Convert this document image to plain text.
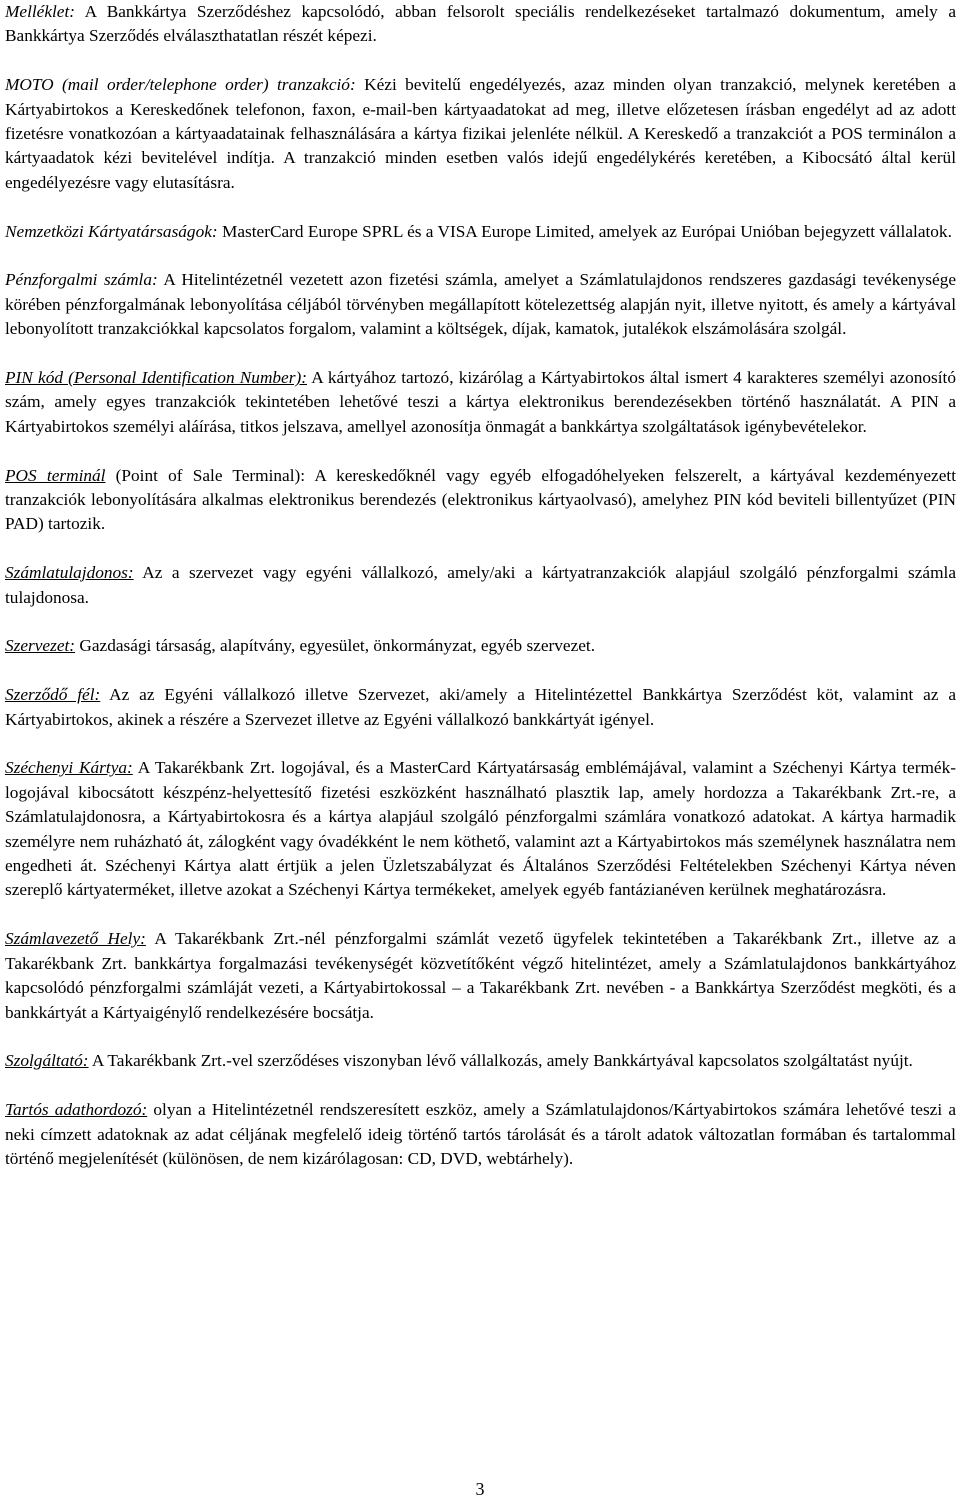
Melléklet: A Bankkártya Szerződéshez kapcsolódó, abban felsorolt speciális rendelkezéseket tartalmazó dokumentum, amely a Bankkártya Szerződés elválaszthatatlan részét képezi.

MOTO (mail order/telephone order) tranzakció: Kézi bevitelű engedélyezés, azaz minden olyan tranzakció, melynek keretében a Kártyabirtokos a Kereskedőnek telefonon, faxon, e-mail-ben kártyaadatokat ad meg, illetve előzetesen írásban engedélyt ad az adott fizetésre vonatkozóan a kártyaadatainak felhasználására a kártya fizikai jelenléte nélkül. A Kereskedő a tranzakciót a POS terminálon a kártyaadatok kézi bevitelével indítja. A tranzakció minden esetben valós idejű engedélykérés keretében, a Kibocsátó által kerül engedélyezésre vagy elutasításra.

Nemzetközi Kártyatársaságok: MasterCard Europe SPRL és a VISA Europe Limited, amelyek az Európai Unióban bejegyzett vállalatok.

Pénzforgalmi számla: A Hitelintézetnél vezetett azon fizetési számla, amelyet a Számlatulajdonos rendszeres gazdasági tevékenysége körében pénzforgalmának lebonyolítása céljából törvényben megállapított kötelezettség alapján nyit, illetve nyitott, és amely a kártyával lebonyolított tranzakciókkal kapcsolatos forgalom, valamint a költségek, díjak, kamatok, jutalékok elszámolására szolgál.

PIN kód (Personal Identification Number): A kártyához tartozó, kizárólag a Kártyabirtokos által ismert 4 karakteres személyi azonosító szám, amely egyes tranzakciók tekintetében lehetővé teszi a kártya elektronikus berendezésekben történő használatát. A PIN a Kártyabirtokos személyi aláírása, titkos jelszava, amellyel azonosítja önmagát a bankkártya szolgáltatások igénybevételekor.

POS terminál (Point of Sale Terminal): A kereskedőknél vagy egyéb elfogadóhelyeken felszerelt, a kártyával kezdeményezett tranzakciók lebonyolítására alkalmas elektronikus berendezés (elektronikus kártyaolvasó), amelyhez PIN kód beviteli billentyűzet (PIN PAD) tartozik.

Számlatulajdonos: Az a szervezet vagy egyéni vállalkozó, amely/aki a kártyatranzakciók alapjául szolgáló pénzforgalmi számla tulajdonosa.

Szervezet: Gazdasági társaság, alapítvány, egyesület, önkormányzat, egyéb szervezet.

Szerződő fél: Az az Egyéni vállalkozó illetve Szervezet, aki/amely a Hitelintézettel Bankkártya Szerződést köt, valamint az a Kártyabirtokos, akinek a részére a Szervezet illetve az Egyéni vállalkozó bankkártyát igényel.

Széchenyi Kártya: A Takarékbank Zrt. logojával, és a MasterCard Kártyatársaság emblémájával, valamint a Széchenyi Kártya termék-logojával kibocsátott készpénz-helyettesítő fizetési eszközként használható plasztik lap, amely hordozza a Takarékbank Zrt.-re, a Számlatulajdonosra, a Kártyabirtokosra és a kártya alapjául szolgáló pénzforgalmi számlára vonatkozó adatokat. A kártya harmadik személyre nem ruházható át, zálogként vagy óvadékként le nem köthető, valamint azt a Kártyabirtokos más személynek használatra nem engedheti át. Széchenyi Kártya alatt értjük a jelen Üzletszabályzat és Általános Szerződési Feltételekben Széchenyi Kártya néven szereplő kártyaterméket, illetve azokat a Széchenyi Kártya termékeket, amelyek egyéb fantázianéven kerülnek meghatározásra.

Számlavezető Hely: A Takarékbank Zrt.-nél pénzforgalmi számlát vezető ügyfelek tekintetében a Takarékbank Zrt., illetve az a Takarékbank Zrt. bankkártya forgalmazási tevékenységét közvetítőként végző hitelintézet, amely a Számlatulajdonos bankkártyához kapcsolódó pénzforgalmi számláját vezeti, a Kártyabirtokossal – a Takarékbank Zrt. nevében - a Bankkártya Szerződést megköti, és a bankkártyát a Kártyaigénylő rendelkezésére bocsátja.

Szolgáltató: A Takarékbank Zrt.-vel szerződéses viszonyban lévő vállalkozás, amely Bankkártyával kapcsolatos szolgáltatást nyújt.

Tartós adathordozó: olyan a Hitelintézetnél rendszeresített eszköz, amely a Számlatulajdonos/Kártyabirtokos számára lehetővé teszi a neki címzett adatoknak az adat céljának megfelelő ideig történő tartós tárolását és a tárolt adatok változatlan formában és tartalommal történő megjelenítését (különösen, de nem kizárólagosan: CD, DVD, webtárhely).

3
